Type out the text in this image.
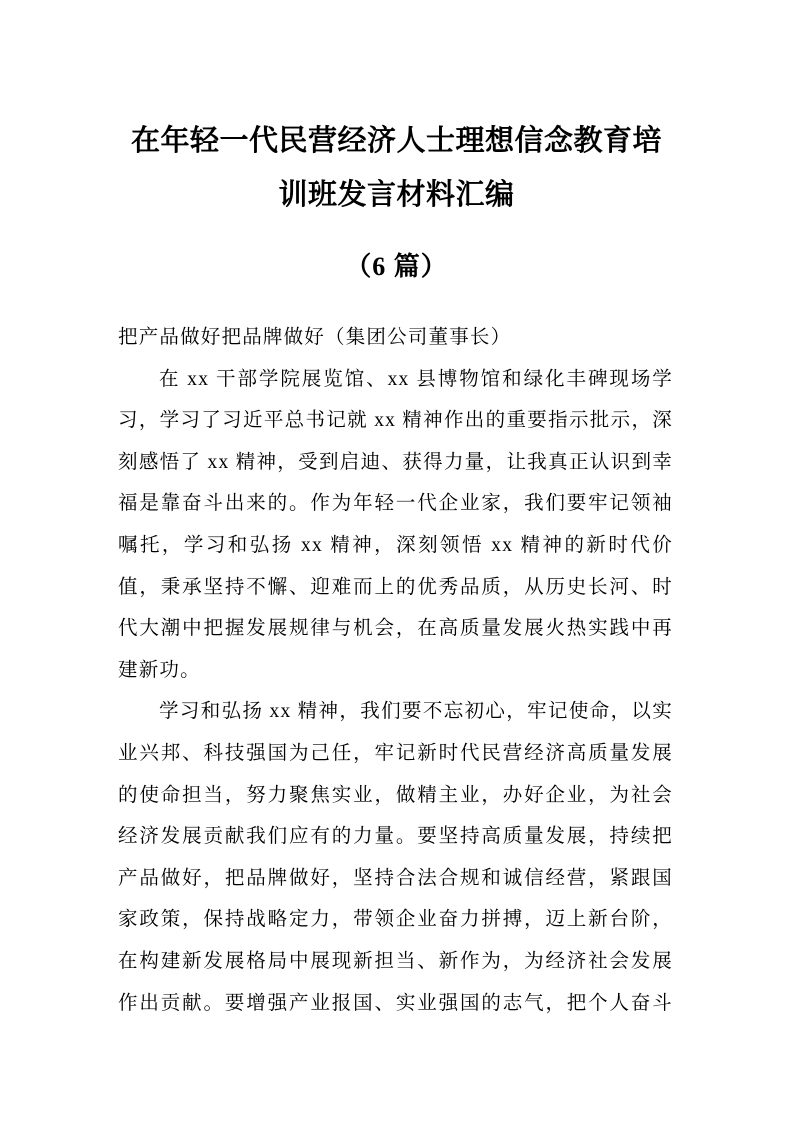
在年轻一代民营经济人士理想信念教育培
训班发言材料汇编
（6 篇）

把产品做好把品牌做好（集团公司董事长）

在 xx 干部学院展览馆、xx 县博物馆和绿化丰碑现场学习，学习了习近平总书记就 xx 精神作出的重要指示批示，深刻感悟了 xx 精神，受到启迪、获得力量，让我真正认识到幸福是靠奋斗出来的。作为年轻一代企业家，我们要牢记领袖嘱托，学习和弘扬 xx 精神，深刻领悟 xx 精神的新时代价值，秉承坚持不懈、迎难而上的优秀品质，从历史长河、时代大潮中把握发展规律与机会，在高质量发展火热实践中再建新功。

学习和弘扬 xx 精神，我们要不忘初心，牢记使命，以实业兴邦、科技强国为己任，牢记新时代民营经济高质量发展的使命担当，努力聚焦实业，做精主业，办好企业，为社会经济发展贡献我们应有的力量。要坚持高质量发展，持续把产品做好，把品牌做好，坚持合法合规和诚信经营，紧跟国家政策，保持战略定力，带领企业奋力拼搏，迈上新台阶，在构建新发展格局中展现新担当、新作为，为经济社会发展作出贡献。要增强产业报国、实业强国的志气，把个人奋斗
